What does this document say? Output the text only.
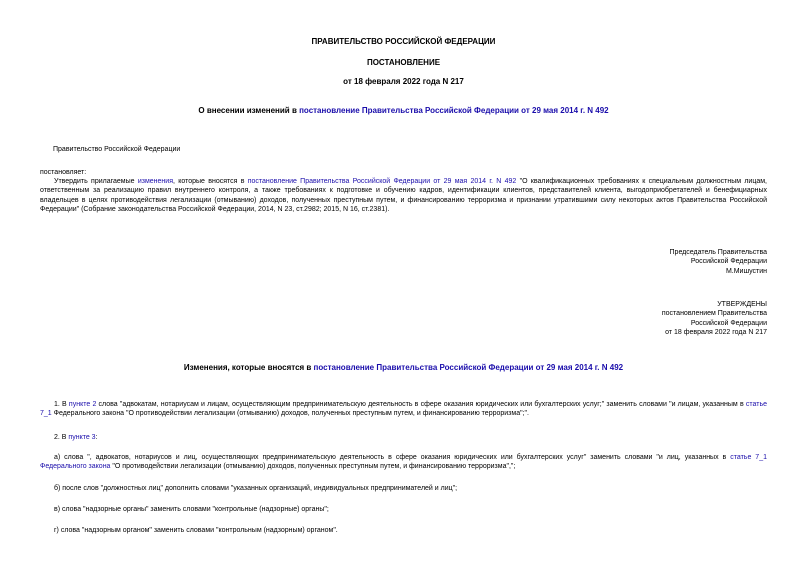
ПРАВИТЕЛЬСТВО РОССИЙСКОЙ ФЕДЕРАЦИИ
ПОСТАНОВЛЕНИЕ
от 18 февраля 2022 года N 217
О внесении изменений в постановление Правительства Российской Федерации от 29 мая 2014 г. N 492
Правительство Российской Федерации
постановляет:
Утвердить прилагаемые изменения, которые вносятся в постановление Правительства Российской Федерации от 29 мая 2014 г. N 492 "О квалификационных требованиях к специальным должностным лицам, ответственным за реализацию правил внутреннего контроля, а также требованиях к подготовке и обучению кадров, идентификации клиентов, представителей клиента, выгодоприобретателей и бенефициарных владельцев в целях противодействия легализации (отмыванию) доходов, полученных преступным путем, и финансированию терроризма и признании утратившими силу некоторых актов Правительства Российской Федерации" (Собрание законодательства Российской Федерации, 2014, N 23, ст.2982; 2015, N 16, ст.2381).
Председатель Правительства
Российской Федерации
М.Мишустин
УТВЕРЖДЕНЫ
постановлением Правительства
Российской Федерации
от 18 февраля 2022 года N 217
Изменения, которые вносятся в постановление Правительства Российской Федерации от 29 мая 2014 г. N 492
1. В пункте 2 слова "адвокатам, нотариусам и лицам, осуществляющим предпринимательскую деятельность в сфере оказания юридических или бухгалтерских услуг;" заменить словами "и лицам, указанным в статье 7_1 Федерального закона "О противодействии легализации (отмыванию) доходов, полученных преступным путем, и финансированию терроризма";".
2. В пункте 3:
а) слова ", адвокатов, нотариусов и лиц, осуществляющих предпринимательскую деятельность в сфере оказания юридических или бухгалтерских услуг" заменить словами "и лиц, указанных в статье 7_1 Федерального закона "О противодействии легализации (отмыванию) доходов, полученных преступным путем, и финансированию терроризма",";
б) после слов "должностных лиц" дополнить словами "указанных организаций, индивидуальных предпринимателей и лиц";
в) слова "надзорные органы" заменить словами "контрольные (надзорные) органы";
г) слова "надзорным органом" заменить словами "контрольным (надзорным) органом".
